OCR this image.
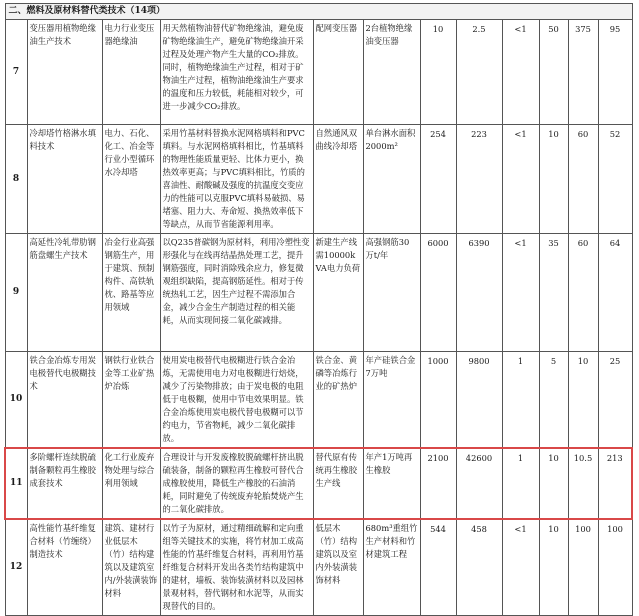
二、燃料及原材料替代类技术（14项）											
7	变压器用植物绝缘油生产技术	电力行业变压器绝缘油	用天然植物油替代矿物绝缘油，避免废矿物绝缘油生产，避免矿物绝缘油开采过程及处理产物产生大量的CO₂排放。同时，植物绝缘油生产过程，相对于矿物油生产过程，植物油绝缘油生产要求的温度和压力较低，耗能相对较少，可进一步减少CO₂排放。	配网变压器	2台植物绝缘油变压器	10	2.5	<1	50	375	95
8	冷却塔竹格淋水填料技术	电力、石化、化工、冶金等行业小型循环水冷却塔	采用竹基材料替换水泥网格填料和PVC填料。与水泥网格填料相比，竹基填料的物理性能质量更轻、比体力更小，换热效率更高；与PVC填料相比，竹质的喜油性、耐酸碱及强度的抗温度交变应力的性能可以克服PVC填料易破损、易堵塞、阻力大、寿命短、换热效率低下等缺点，从而节省能源利用率。	自然通风双曲线冷却塔	单台淋水面积2000m²	254	223	<1	10	60	52
9	高延性冷轧带肋钢筋盘螺生产技术	冶金行业高强钢筋生产，用于建筑、预制构件、高铁轨枕、路基等应用领域	以Q235普碳钢为原材料，利用冷塑性变形强化与在线再结晶热处理工艺，提升钢筋强度，同时消除残余应力，修复微观组织缺陷，提高钢筋延性。相对于传统热轧工艺，因生产过程不需添加合金，减少合金生产制造过程的相关能耗，从而实现间接二氧化碳减排。	新建生产线需10000kVA电力负荷	高强钢筋30万t/年	6000	6390	<1	35	60	64
10	铁合金冶炼专用炭电极替代电极糊技术	钢铁行业铁合金等工业矿热炉冶炼	使用炭电极替代电极糊进行铁合金冶炼，无需使用电力对电极糊进行焙烧，减少了污染物排放；由于炭电极的电阻低于电极糊，使用中节电效果明显。铁合金冶炼使用炭电极代替电极糊可以节约电力，节省物耗，减少二氧化碳排放。	铁合金、黄磷等冶炼行业的矿热炉	年产硅铁合金7万吨	1000	9800	1	5	10	25
11	多阶螺杆连续脱硫制备颗粒再生橡胶成套技术	化工行业废弃物处理与综合利用领域	合理设计与开发废橡胶脱硫螺杆挤出脱硫装备，制备的颗粒再生橡胶可替代合成橡胶使用，降低生产橡胶的石油消耗，同时避免了传统废弃轮胎焚烧产生的二氧化碳排放。	替代原有传统再生橡胶生产线	年产1万吨再生橡胶	2100	42600	1	10	10.5	213
12	高性能竹基纤维复合材料（竹缠绕）制造技术	建筑、建材行业低层木（竹）结构建筑以及建筑室内/外装潢装饰材料	以竹子为原材，通过精细疏解和定向重组等关键技术的实施，将竹材加工成高性能的竹基纤维复合材料，再利用竹基纤维复合材料开发出各类竹结构建筑中的建材，墙板、装饰装潢材料以及园林景观材料，替代钢材和水泥等，从而实现替代的目的。	低层木（竹）结构建筑以及室内外装潢装饰材料	680m³重组竹生产材料和竹材建筑工程	544	458	<1	10	100	100
